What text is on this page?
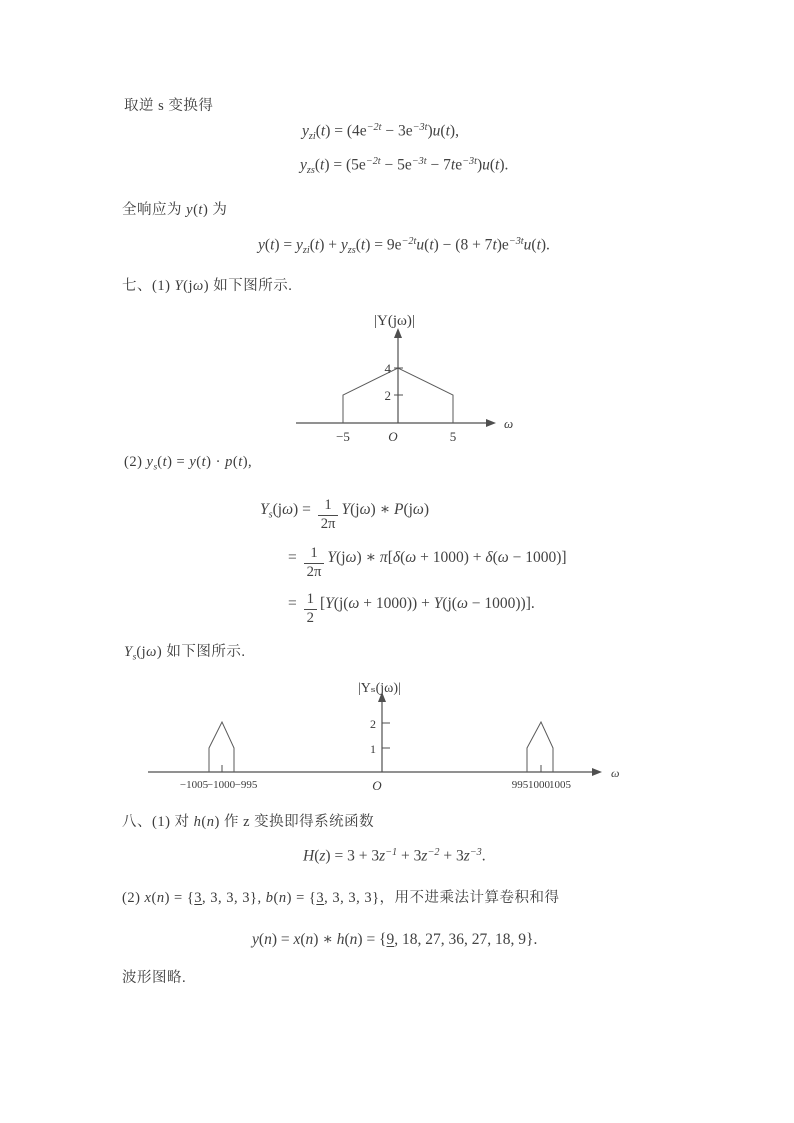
取逆 s 变换得
$y_{zi}(t) = (4e^{-2t} - 3e^{-3t})u(t)$,
$y_{zs}(t) = (5e^{-2t} - 5e^{-3t} - 7te^{-3t})u(t)$.
全响应为 y(t) 为
$y(t) = y_{zi}(t) + y_{zs}(t) = 9e^{-2t}u(t) - (8 + 7t)e^{-3t}u(t)$.
七、(1) Y(jω) 如下图所示.
|Y(jω)|
4
2
−5	O	5
ω
(2) $y_s(t) = y(t) \cdot p(t)$,
$Y_s(j\omega) = \frac{1}{2\pi} Y(j\omega)$ ∗ P(jω)
= $\frac{1}{2\pi} Y(j\omega)$ ∗ π[δ(ω + 1000) + δ(ω − 1000)]
= $\frac{1}{2} [Y(j(\omega + 1000)) + Y(j(\omega - 1000))]$.
$Y_s(j\omega)$ 如下图所示.
|Yₛ(jω)|
2
1
−1005
−1000 −995	O	995 1000 1005
ω
八、(1) 对 h(n) 作 z 变换即得系统函数
$H(z) = 3 + 3z^{-1} + 3z^{-2} + 3z^{-3}$.
(2) x(n) = {3, 3, 3, 3}, b(n) = {3, 3, 3, 3}，用不进乘法计算卷积和得
y(n) = x(n) ∗ h(n) = {9, 18, 27, 36, 27, 18, 9}.
波形图略.
